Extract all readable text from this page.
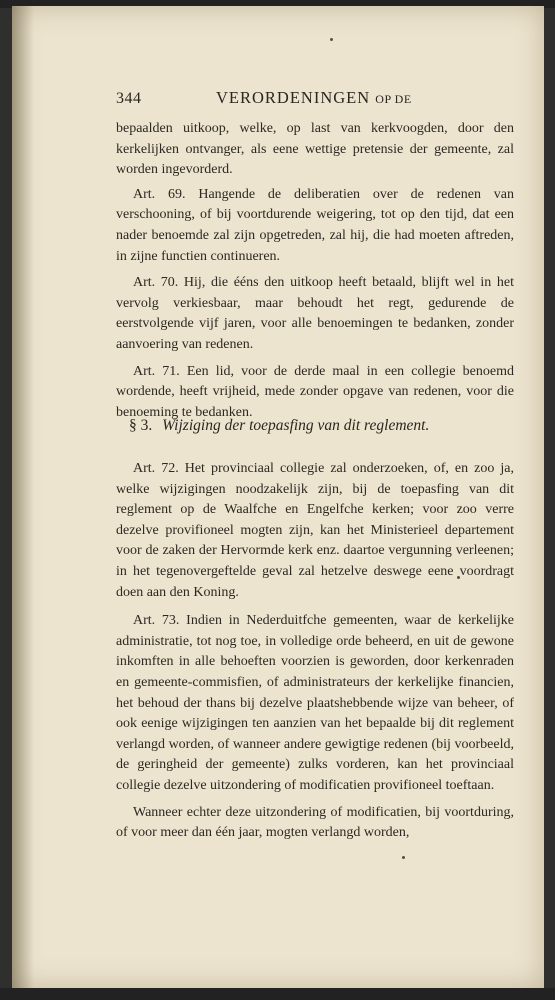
344	VERORDENINGEN OP DE

bepaalden uitkoop, welke, op last van kerkvoogden, door den kerkelijken ontvanger, als eene wettige pretensie der gemeente, zal worden ingevorderd.

Art. 69. Hangende de deliberatien over de redenen van verschooning, of bij voortdurende weigering, tot op den tijd, dat een nader benoemde zal zijn opgetreden, zal hij, die had moeten aftreden, in zijne functien continueren.

Art. 70. Hij, die ééns den uitkoop heeft betaald, blijft wel in het vervolg verkiesbaar, maar behoudt het regt, gedurende de eerstvolgende vijf jaren, voor alle benoemingen te bedanken, zonder aanvoering van redenen.

Art. 71. Een lid, voor de derde maal in een collegie benoemd wordende, heeft vrijheid, mede zonder opgave van redenen, voor die benoeming te bedanken.

§ 3. Wijziging der toepasfing van dit reglement.

Art. 72. Het provinciaal collegie zal onderzoeken, of, en zoo ja, welke wijzigingen noodzakelijk zijn, bij de toepasfing van dit reglement op de Waalfche en Engelfche kerken; voor zoo verre dezelve provifioneel mogten zijn, kan het Ministerieel departement voor de zaken der Hervormde kerk enz. daartoe vergunning verleenen; in het tegenovergeftelde geval zal hetzelve deswege eene voordragt doen aan den Koning.

Art. 73. Indien in Nederduitfche gemeenten, waar de kerkelijke administratie, tot nog toe, in volledige orde beheerd, en uit de gewone inkomften in alle behoeften voorzien is geworden, door kerkenraden en gemeente-commisfien, of administrateurs der kerkelijke financien, het behoud der thans bij dezelve plaatshebbende wijze van beheer, of ook eenige wijzigingen ten aanzien van het bepaalde bij dit reglement verlangd worden, of wanneer andere gewigtige redenen (bij voorbeeld, de geringheid der gemeente) zulks vorderen, kan het provinciaal collegie dezelve uitzondering of modificatien provifioneel toeftaan.

Wanneer echter deze uitzondering of modificatien, bij voortduring, of voor meer dan één jaar, mogten verlangd worden,
